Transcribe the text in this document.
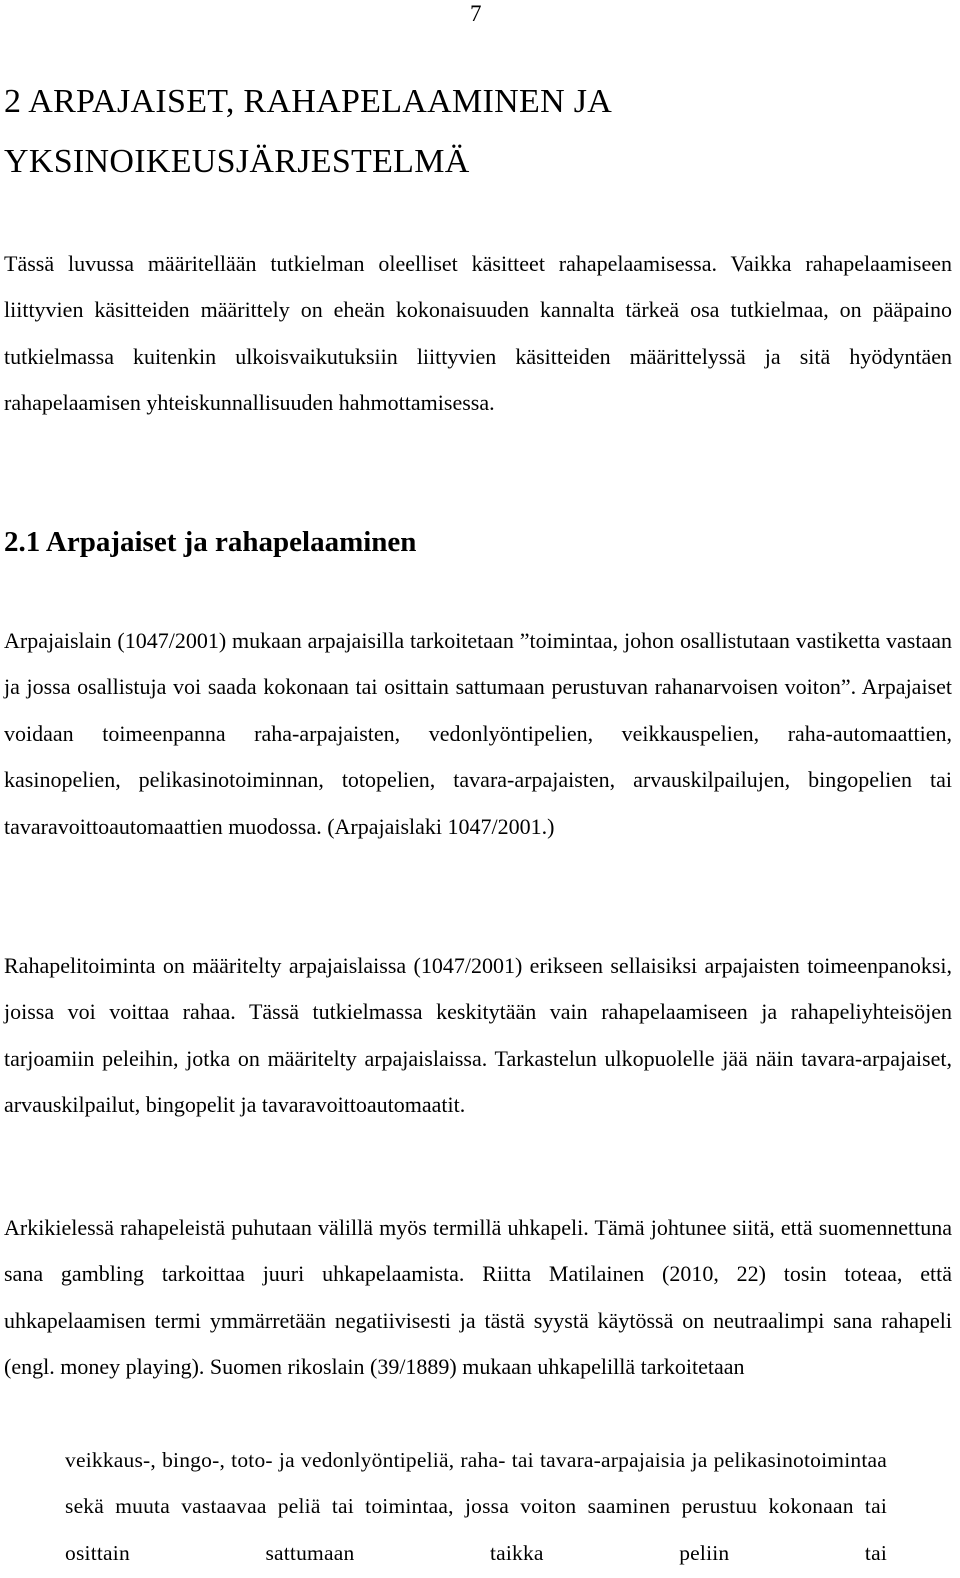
7
2 ARPAJAISET, RAHAPELAAMINEN JA YKSINOIKEUSJÄRJESTELMÄ

Tässä luvussa määritellään tutkielman oleelliset käsitteet rahapelaamisessa. Vaikka rahapelaamiseen liittyvien käsitteiden määrittely on eheän kokonaisuuden kannalta tärkeä osa tutkielmaa, on pääpaino tutkielmassa kuitenkin ulkoisvaikutuksiin liittyvien käsitteiden määrittelyssä ja sitä hyödyntäen rahapelaamisen yhteiskunnallisuuden hahmottamisessa.

2.1 Arpajaiset ja rahapelaaminen

Arpajaislain (1047/2001) mukaan arpajaisilla tarkoitetaan ”toimintaa, johon osallistutaan vastiketta vastaan ja jossa osallistuja voi saada kokonaan tai osittain sattumaan perustuvan rahanarvoisen voiton”. Arpajaiset voidaan toimeenpanna raha-arpajaisten, vedonlyöntipelien, veikkauspelien, raha-automaattien, kasinopelien, pelikasinotoiminnan, totopelien, tavara-arpajaisten, arvauskilpailujen, bingopelien tai tavaravoittoautomaattien muodossa. (Arpajaislaki 1047/2001.)

Rahapelitoiminta on määritelty arpajaislaissa (1047/2001) erikseen sellaisiksi arpajaisten toimeenpanoksi, joissa voi voittaa rahaa. Tässä tutkielmassa keskitytään vain rahapelaamiseen ja rahapeliyhteisöjen tarjoamiin peleihin, jotka on määritelty arpajaislaissa. Tarkastelun ulkopuolelle jää näin tavara-arpajaiset, arvauskilpailut, bingopelit ja tavaravoittoautomaatit.

Arkikielessä rahapeleistä puhutaan välillä myös termillä uhkapeli. Tämä johtunee siitä, että suomennettuna sana gambling tarkoittaa juuri uhkapelaamista. Riitta Matilainen (2010, 22) tosin toteaa, että uhkapelaamisen termi ymmärretään negatiivisesti ja tästä syystä käytössä on neutraalimpi sana rahapeli (engl. money playing). Suomen rikoslain (39/1889) mukaan uhkapelillä tarkoitetaan

veikkaus-, bingo-, toto- ja vedonlyöntipeliä, raha- tai tavara-arpajaisia ja pelikasinotoimintaa sekä muuta vastaavaa peliä tai toimintaa, jossa voiton saaminen perustuu kokonaan tai osittain sattumaan taikka peliin tai
